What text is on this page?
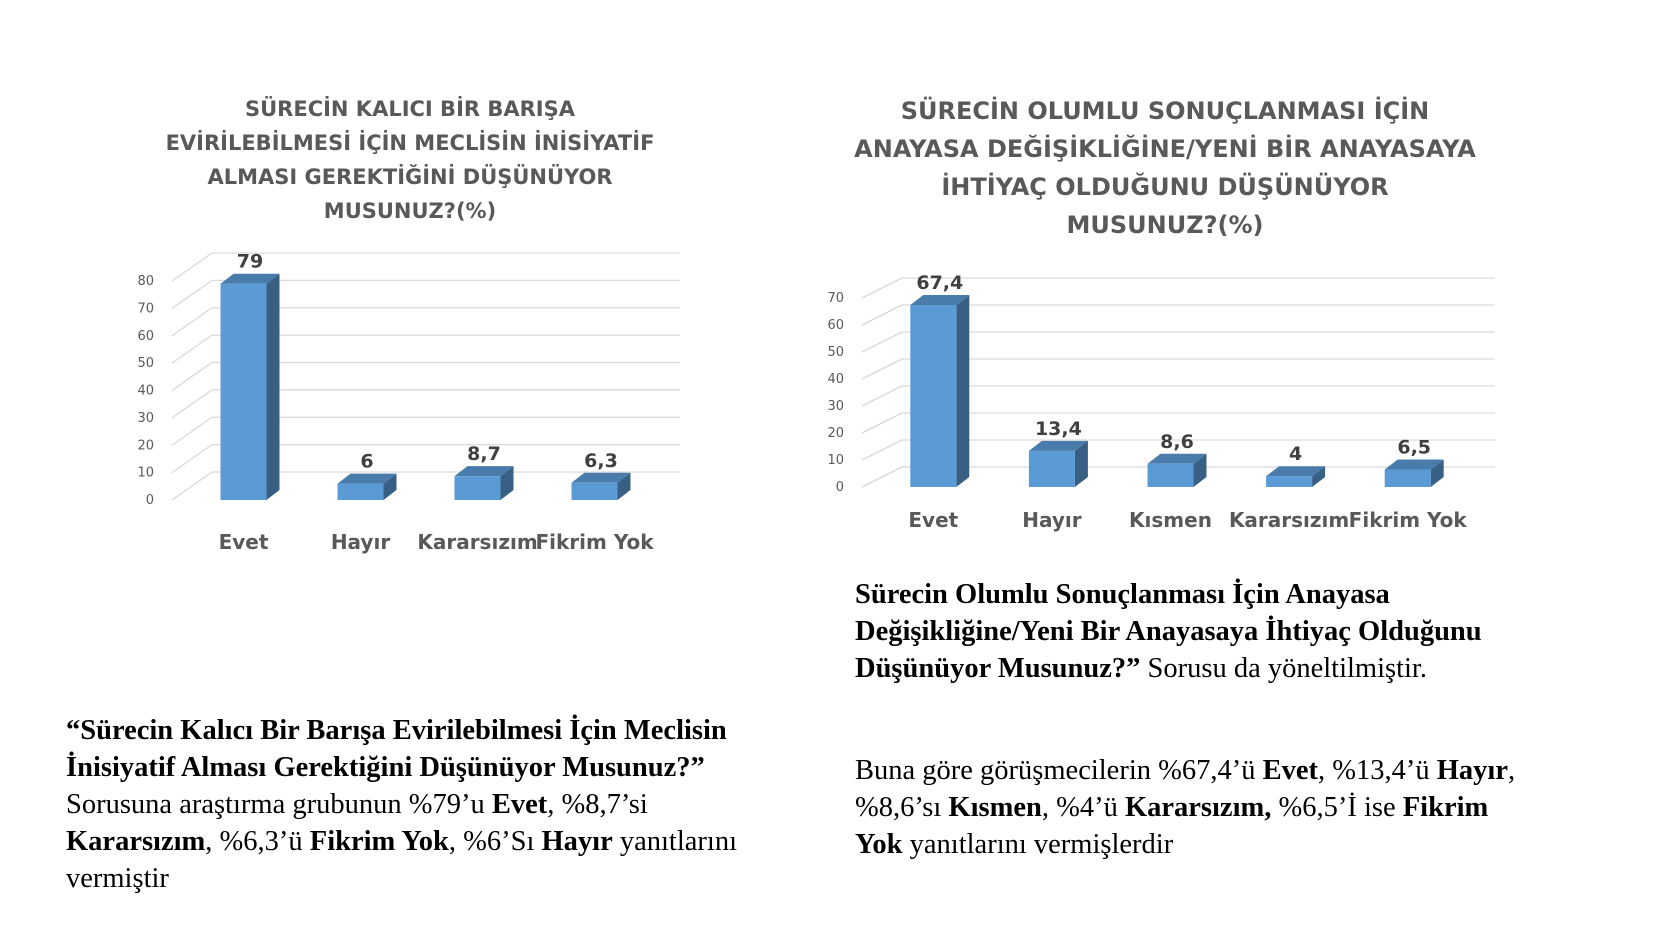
SÜRECİN KALICI BİR BARIŞA
EVİRİLEBİLMESİ İÇİN MECLİSİN İNİSİYATİF
ALMASI GEREKTİĞİNİ DÜŞÜNÜYOR
MUSUNUZ?(%)
SÜRECİN OLUMLU SONUÇLANMASI İÇİN
ANAYASA DEĞİŞİKLİĞİNE/YENİ BİR ANAYASAYA
İHTİYAÇ OLDUĞUNU DÜŞÜNÜYOR
MUSUNUZ?(%)
0
10
20
30
40
50
60
70
80
79
Evet
6
Hayır
8,7
Kararsızım
6,3
Fikrim Yok
0
10
20
30
40
50
60
70
67,4
Evet
13,4
Hayır
8,6
Kısmen
4
Kararsızım
6,5
Fikrim Yok

“Sürecin Kalıcı Bir Barışa Evirilebilmesi İçin Meclisin İnisiyatif Alması Gerektiğini Düşünüyor Musunuz?” Sorusuna araştırma grubunun %79’u Evet, %8,7’si Kararsızım, %6,3’ü Fikrim Yok, %6’Sı Hayır yanıtlarını vermiştir

Sürecin Olumlu Sonuçlanması İçin Anayasa Değişikliğine/Yeni Bir Anayasaya İhtiyaç Olduğunu Düşünüyor Musunuz?” Sorusu da yöneltilmiştir.

Buna göre görüşmecilerin %67,4’ü Evet, %13,4’ü Hayır, %8,6’sı Kısmen, %4’ü Kararsızım, %6,5’İ ise Fikrim Yok yanıtlarını vermişlerdir
